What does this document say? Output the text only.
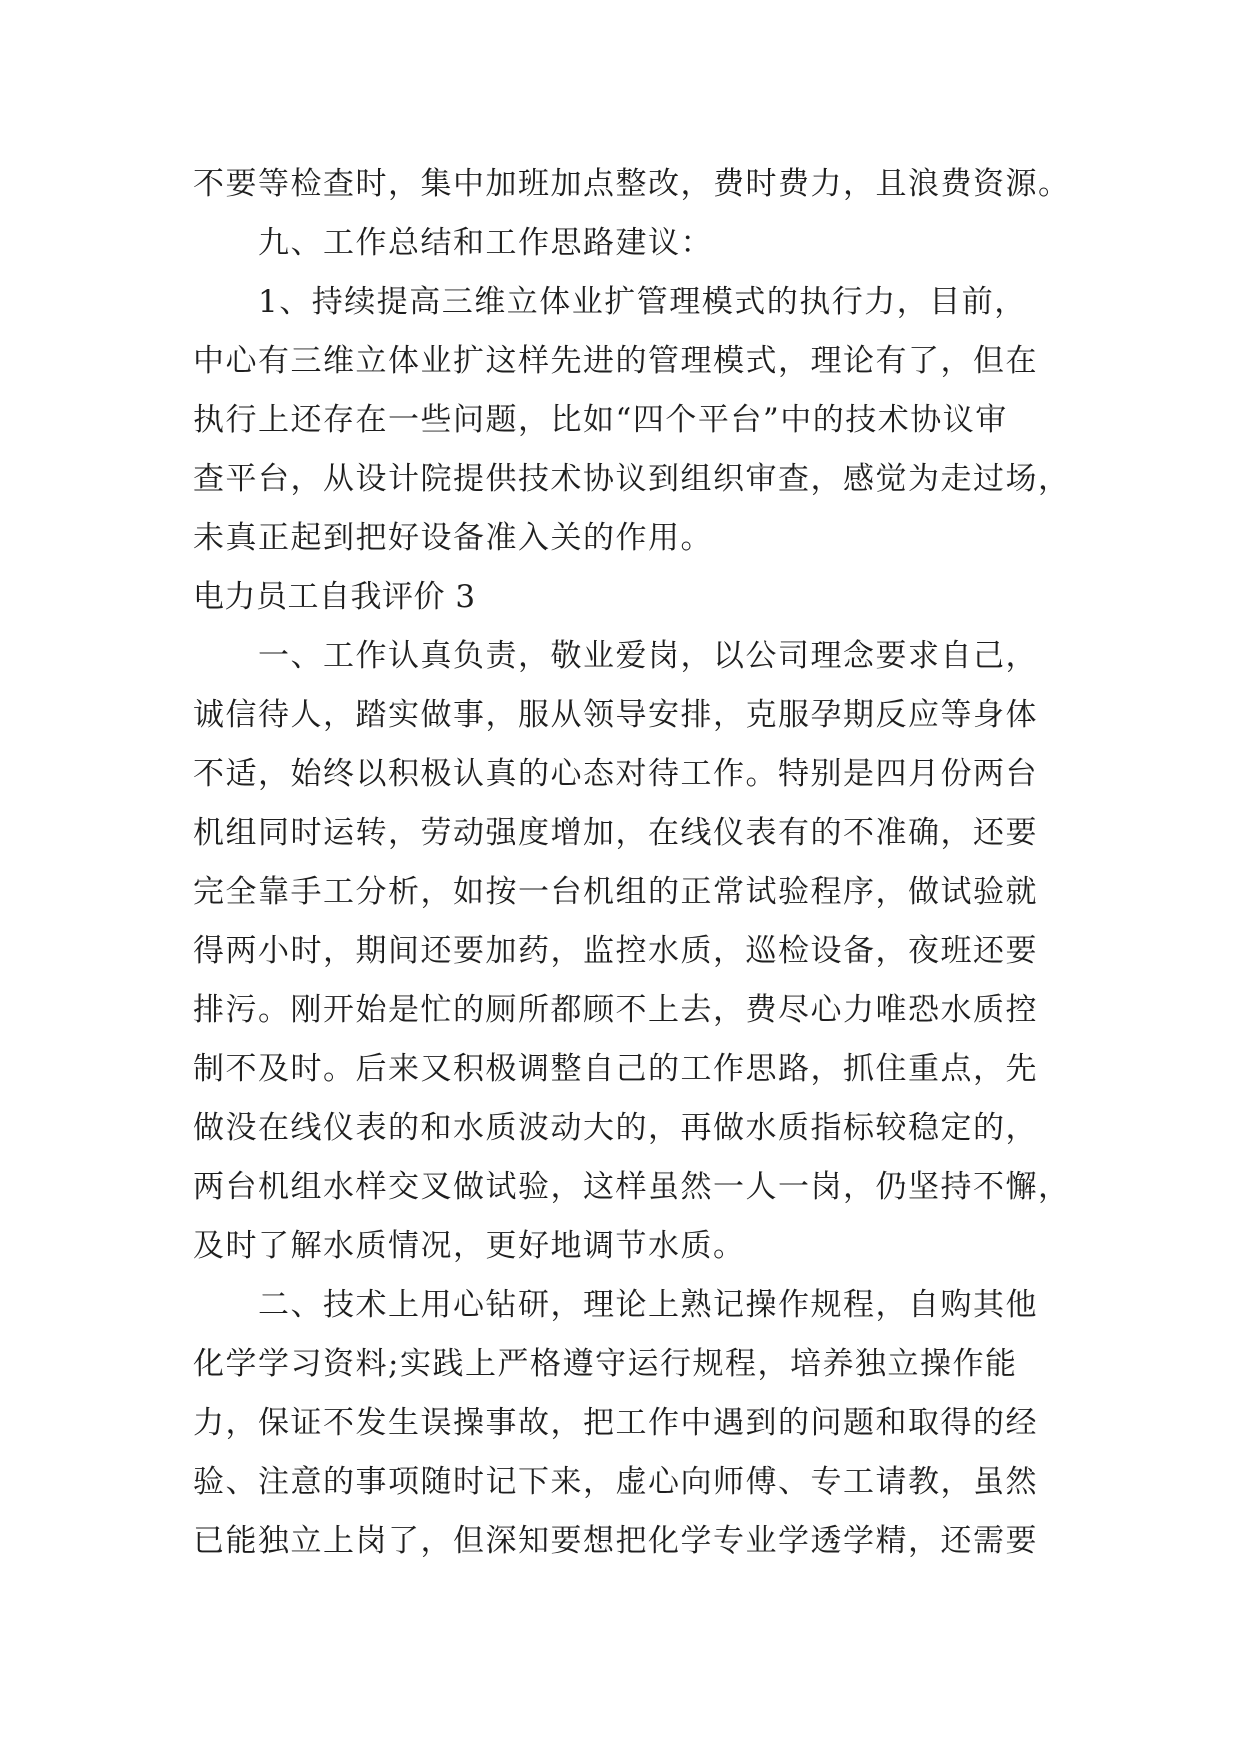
不要等检查时，集中加班加点整改，费时费力，且浪费资源。
　　九、工作总结和工作思路建议：
　　1、持续提高三维立体业扩管理模式的执行力，目前，
中心有三维立体业扩这样先进的管理模式，理论有了，但在
执行上还存在一些问题，比如“四个平台”中的技术协议审
查平台，从设计院提供技术协议到组织审查，感觉为走过场，
未真正起到把好设备准入关的作用。
电力员工自我评价 3
　　一、工作认真负责，敬业爱岗，以公司理念要求自己，
诚信待人，踏实做事，服从领导安排，克服孕期反应等身体
不适，始终以积极认真的心态对待工作。特别是四月份两台
机组同时运转，劳动强度增加，在线仪表有的不准确，还要
完全靠手工分析，如按一台机组的正常试验程序，做试验就
得两小时，期间还要加药，监控水质，巡检设备，夜班还要
排污。刚开始是忙的厕所都顾不上去，费尽心力唯恐水质控
制不及时。后来又积极调整自己的工作思路，抓住重点，先
做没在线仪表的和水质波动大的，再做水质指标较稳定的，
两台机组水样交叉做试验，这样虽然一人一岗，仍坚持不懈，
及时了解水质情况，更好地调节水质。
　　二、技术上用心钻研，理论上熟记操作规程，自购其他
化学学习资料;实践上严格遵守运行规程，培养独立操作能
力，保证不发生误操事故，把工作中遇到的问题和取得的经
验、注意的事项随时记下来，虚心向师傅、专工请教，虽然
已能独立上岗了，但深知要想把化学专业学透学精，还需要
